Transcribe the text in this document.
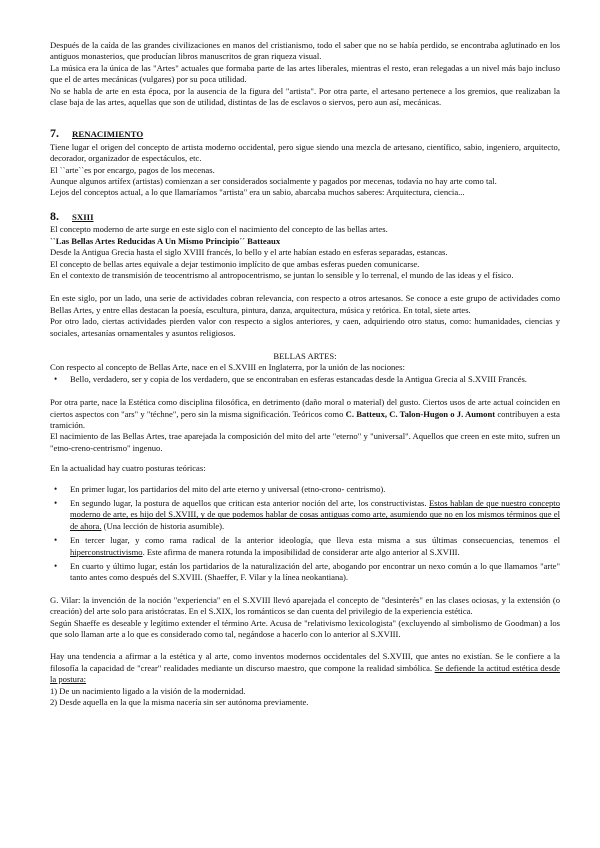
Después de la caída de las grandes civilizaciones en manos del cristianismo, todo el saber que no se había perdido, se encontraba aglutinado en los antiguos monasterios, que producían libros manuscritos de gran riqueza visual.

La música era la única de las "Artes" actuales que formaba parte de las artes liberales, mientras el resto, eran relegadas a un nivel más bajo incluso que el de artes mecánicas (vulgares) por su poca utilidad.

No se habla de arte en esta época, por la ausencia de la figura del "artista". Por otra parte, el artesano pertenece a los gremios, que realizaban la clase baja de las artes, aquellas que son de utilidad, distintas de las de esclavos o siervos, pero aun así, mecánicas.

7.	RENACIMIENTO

Tiene lugar el origen del concepto de artista moderno occidental, pero sigue siendo una mezcla de artesano, científico, sabio, ingeniero, arquitecto, decorador, organizador de espectáculos, etc.

El ``arte``es por encargo, pagos de los mecenas.

Aunque algunos artífex (artistas) comienzan a ser considerados socialmente y pagados por mecenas, todavía no hay arte como tal.

Lejos del conceptos actual, a lo que llamaríamos "artista" era un sabio, abarcaba muchos saberes: Arquitectura, ciencia...

8.	SXIII

El concepto moderno de arte surge en este siglo con el nacimiento del concepto de las bellas artes.

``Las Bellas Artes Reducidas A Un Mismo Principio´´ Batteaux

Desde la Antigua Grecia hasta el siglo XVIII francés, lo bello y el arte habían estado en esferas separadas, estancas.

El concepto de bellas artes equivale a dejar testimonio implícito de que ambas esferas pueden comunicarse.

En el contexto de transmisión de teocentrismo al antropocentrismo, se juntan lo sensible y lo terrenal, el mundo de las ideas y el físico.

En este siglo, por un lado, una serie de actividades cobran relevancia, con respecto a otros artesanos. Se conoce a este grupo de actividades como Bellas Artes, y entre ellas destacan la poesía, escultura, pintura, danza, arquitectura, música y retórica. En total, siete artes.

Por otro lado, ciertas actividades pierden valor con respecto a siglos anteriores, y caen, adquiriendo otro status, como: humanidades, ciencias y sociales, artesanías ornamentales y asuntos religiosos.

BELLAS ARTES:

Con respecto al concepto de Bellas Arte, nace en el S.XVIII en Inglaterra, por la unión de las nociones:

• Bello, verdadero, ser y copia de los verdadero, que se encontraban en esferas estancadas desde la Antigua Grecia al S.XVIII Francés.

Por otra parte, nace la Estética como disciplina filosófica, en detrimento (daño moral o material) del gusto. Ciertos usos de arte actual coinciden en ciertos aspectos con "ars" y "téchne", pero sin la misma significación. Teóricos como C. Batteux, C. Talon-Hugon o J. Aumont contribuyen a esta tramición.

El nacimiento de las Bellas Artes, trae aparejada la composición del mito del arte "eterno" y "universal". Aquellos que creen en este mito, sufren un "etno-creno-centrismo" ingenuo.

En la actualidad hay cuatro posturas teóricas:

• En primer lugar, los partidarios del mito del arte eterno y universal (etno-crono- centrismo).
• En segundo lugar, la postura de aquellos que critican esta anterior noción del arte, los constructivistas. Estos hablan de que nuestro concepto moderno de arte, es hijo del S.XVIII, y de que podemos hablar de cosas antiguas como arte, asumiendo que no en los mismos términos que el de ahora. (Una lección de historia asumible).
• En tercer lugar, y como rama radical de la anterior ideología, que lleva esta misma a sus últimas consecuencias, tenemos el hiperconstructivismo. Este afirma de manera rotunda la imposibilidad de considerar arte algo anterior al S.XVIII.
• En cuarto y último lugar, están los partidarios de la naturalización del arte, abogando por encontrar un nexo común a lo que llamamos "arte" tanto antes como después del S.XVIII. (Shaeffer, F. Vilar y la línea neokantiana).

G. Vilar: la invención de la noción "experiencia" en el S.XVIII llevó aparejada el concepto de "desinterés" en las clases ociosas, y la extensión (o creación) del arte solo para aristócratas. En el S.XIX, los románticos se dan cuenta del privilegio de la experiencia estética.

Según Shaeffe es deseable y legítimo extender el término Arte. Acusa de "relativismo lexicologista" (excluyendo al simbolismo de Goodman) a los que solo llaman arte a lo que es considerado como tal, negándose a hacerlo con lo anterior al S.XVIII.

Hay una tendencia a afirmar a la estética y al arte, como inventos modernos occidentales del S.XVIII, que antes no existían. Se le confiere a la filosofía la capacidad de "crear" realidades mediante un discurso maestro, que compone la realidad simbólica. Se defiende la actitud estética desde la postura:

1) De un nacimiento ligado a la visión de la modernidad.

2) Desde aquella en la que la misma nacería sin ser autónoma previamente.
